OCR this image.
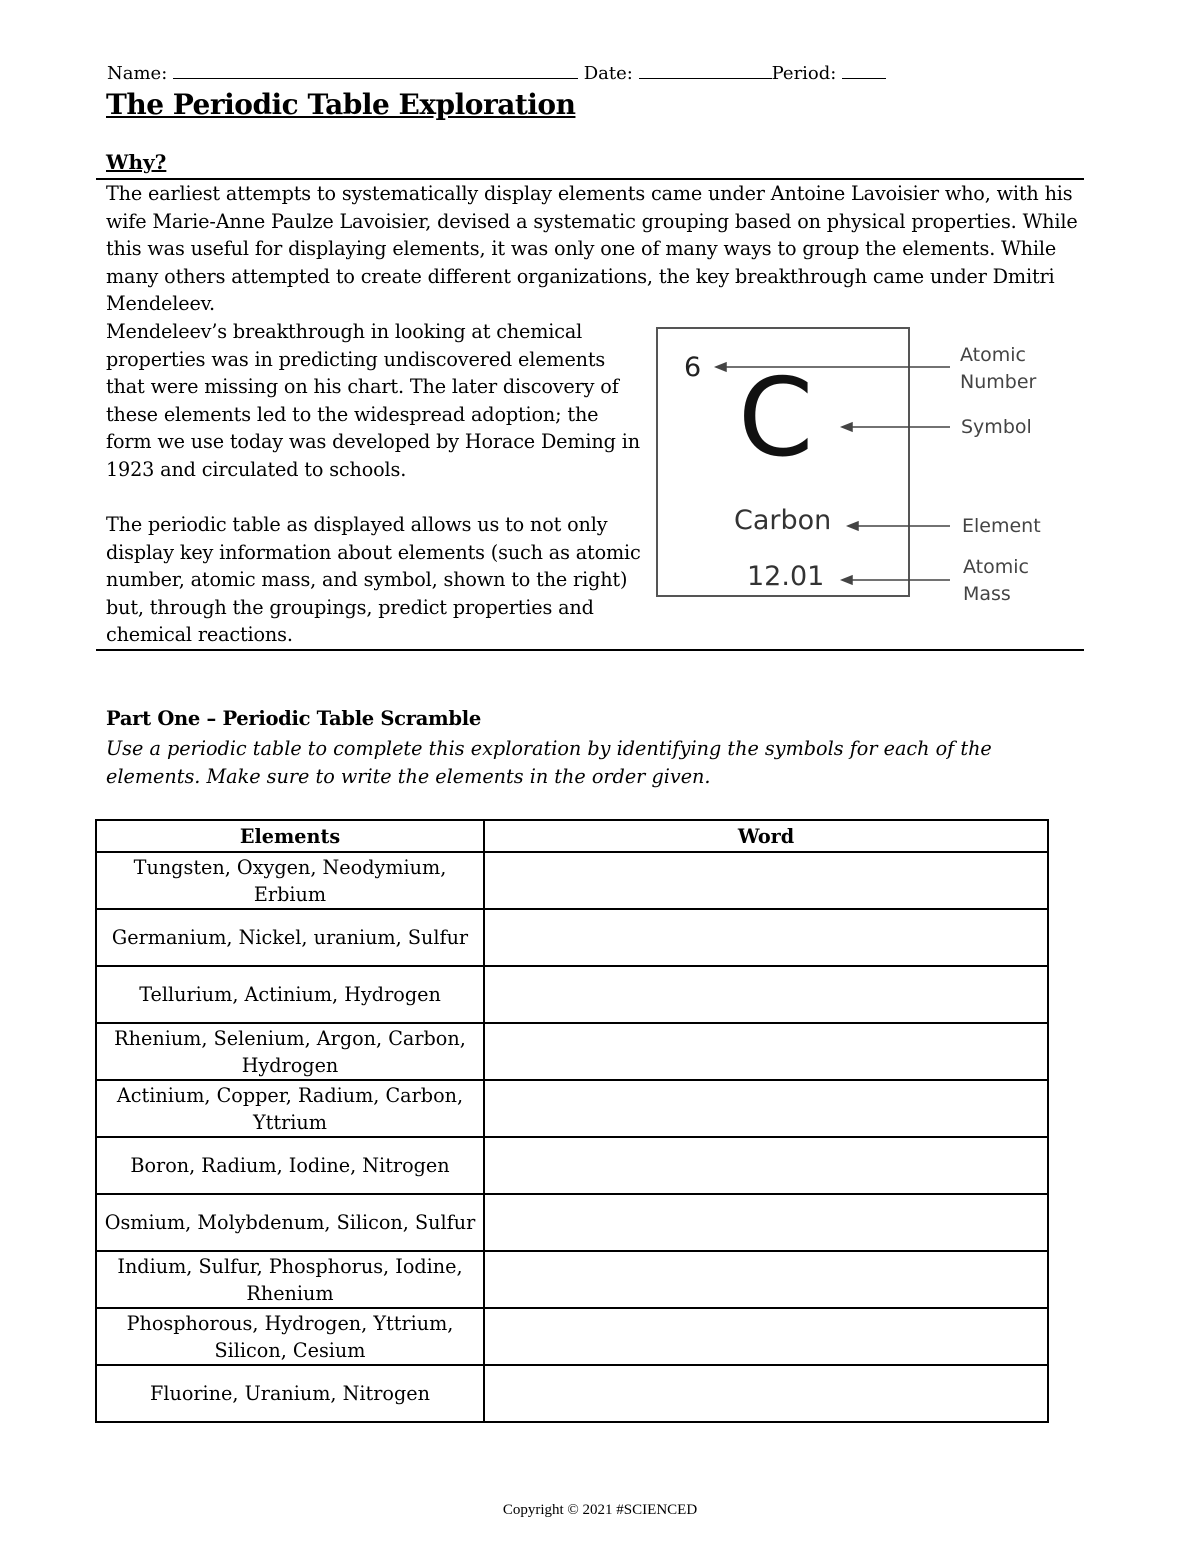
Name:	Date:	Period:
The Periodic Table Exploration
Why?
The earliest attempts to systematically display elements came under Antoine Lavoisier who, with his wife Marie-Anne Paulze Lavoisier, devised a systematic grouping based on physical properties. While this was useful for displaying elements, it was only one of many ways to group the elements. While many others attempted to create different organizations, the key breakthrough came under Dmitri Mendeleev.
Mendeleev’s breakthrough in looking at chemical properties was in predicting undiscovered elements that were missing on his chart. The later discovery of these elements led to the widespread adoption; the form we use today was developed by Horace Deming in 1923 and circulated to schools.
The periodic table as displayed allows us to not only display key information about elements (such as atomic number, atomic mass, and symbol, shown to the right) but, through the groupings, predict properties and chemical reactions.
6 C
Carbon
12.01
Atomic
Number
Symbol
Element
Atomic
Mass
Part One – Periodic Table Scramble
Use a periodic table to complete this exploration by identifying the symbols for each of the elements. Make sure to write the elements in the order given.
Elements	Word
Tungsten, Oxygen, Neodymium, Erbium	
Germanium, Nickel, uranium, Sulfur	
Tellurium, Actinium, Hydrogen	
Rhenium, Selenium, Argon, Carbon, Hydrogen	
Actinium, Copper, Radium, Carbon, Yttrium	
Boron, Radium, Iodine, Nitrogen	
Osmium, Molybdenum, Silicon, Sulfur	
Indium, Sulfur, Phosphorus, Iodine, Rhenium	
Phosphorous, Hydrogen, Yttrium, Silicon, Cesium	
Fluorine, Uranium, Nitrogen	
Copyright © 2021 #SCIENCED
